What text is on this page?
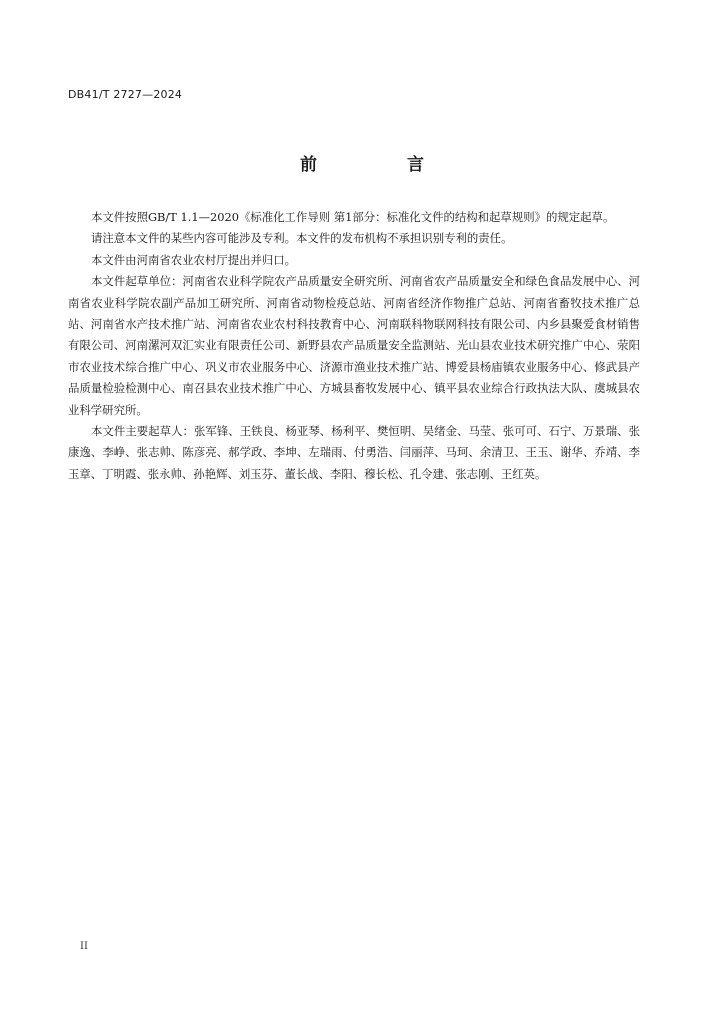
DB41/T 2727—2024
前 言

本文件按照GB/T 1.1—2020《标准化工作导则 第1部分：标准化文件的结构和起草规则》的规定起草。

请注意本文件的某些内容可能涉及专利。本文件的发布机构不承担识别专利的责任。

本文件由河南省农业农村厅提出并归口。

本文件起草单位：河南省农业科学院农产品质量安全研究所、河南省农产品质量安全和绿色食品发展中心、河南省农业科学院农副产品加工研究所、河南省动物检疫总站、河南省经济作物推广总站、河南省畜牧技术推广总站、河南省水产技术推广站、河南省农业农村科技教育中心、河南联科物联网科技有限公司、内乡县聚爱食材销售有限公司、河南漯河双汇实业有限责任公司、新野县农产品质量安全监测站、光山县农业技术研究推广中心、荥阳市农业技术综合推广中心、巩义市农业服务中心、济源市渔业技术推广站、博爱县杨庙镇农业服务中心、修武县产品质量检验检测中心、南召县农业技术推广中心、方城县畜牧发展中心、镇平县农业综合行政执法大队、虞城县农业科学研究所。

本文件主要起草人：张军锋、王铁良、杨亚琴、杨利平、樊恒明、吴绪金、马莹、张可可、石宁、万景瑞、张康逸、李峥、张志帅、陈彦亮、郝学政、李坤、左瑞雨、付勇浩、闫丽萍、马珂、余清卫、王玉、谢华、乔靖、李玉章、丁明霞、张永帅、孙艳辉、刘玉芬、董长战、李阳、穆长松、孔令建、张志刚、王红英。

II
